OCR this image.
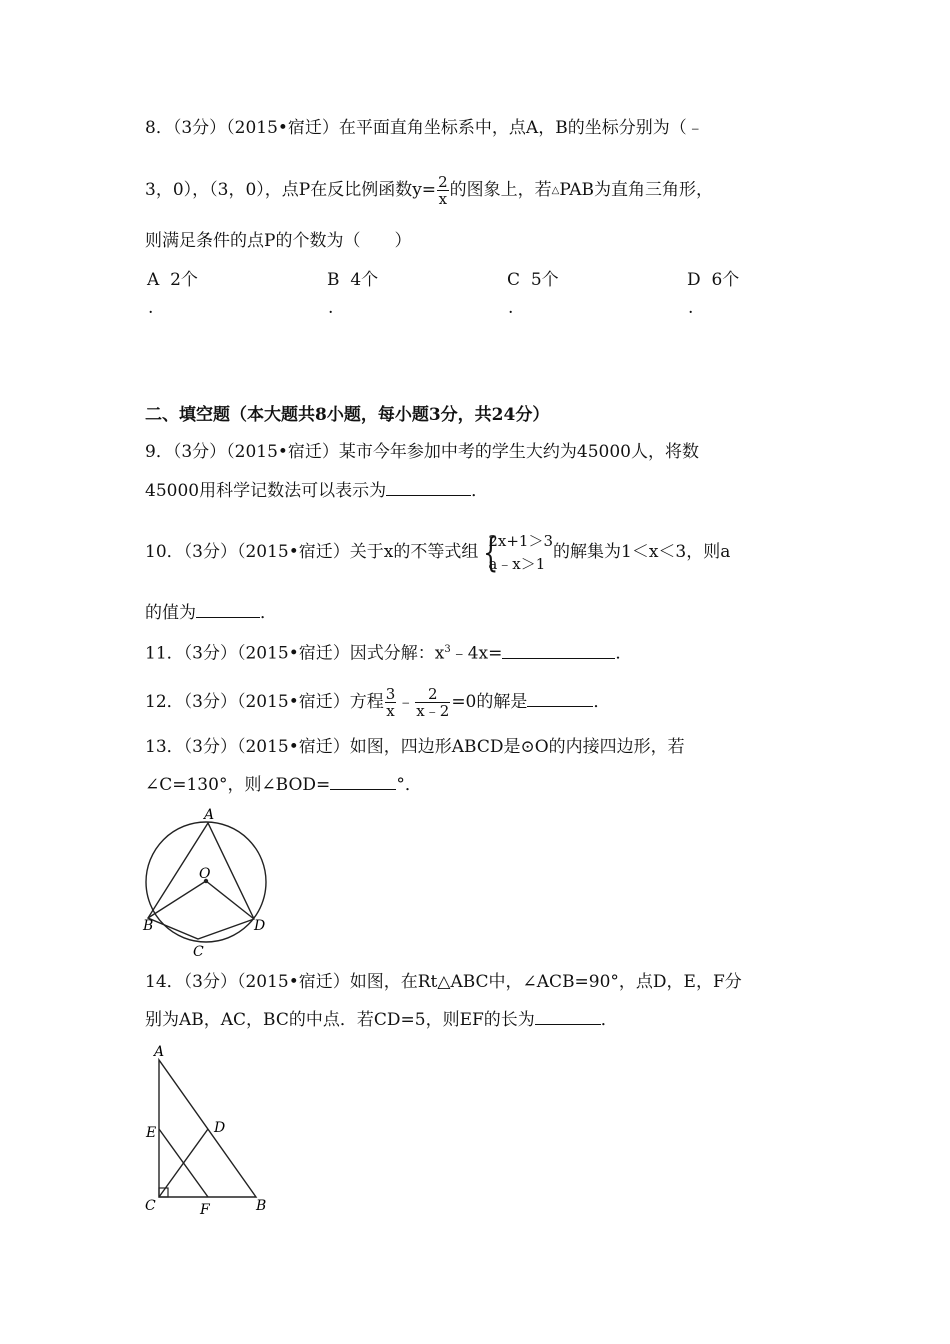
8．（3分）（2015•宿迁）在平面直角坐标系中，点A，B的坐标分别为（﹣
3，0），（3，0），点P在反比例函数$y= \frac{2}{x}$ 的图象上，若△PAB为直角三角形，
则满足条件的点P的个数为（　　）
A 2个	B 4个	C 5个	D 6个
.	.	.	.
二、填空题（本大题共8小题，每小题3分，共24分）
9．（3分）（2015•宿迁）某市今年参加中考的学生大约为45000人，将数
45000用科学记数法可以表示为	．
10．（3分）（2015•宿迁）关于x的不等式组 {
2x+1＞3
a﹣x＞1
的解集为1＜x＜3，则a
的值为	．
11．（3分）（2015•宿迁）因式分解：$x^3﹣4x=$	．
12．（3分）（2015•宿迁）方程 $\frac{3}{x}$ ﹣ $\frac{2}{x﹣2} =0$的解是	．
13．（3分）（2015•宿迁）如图，四边形ABCD是⊙O的内接四边形，若
∠C=130°，则∠BOD=	°．
A
B
C
D
O
14．（3分）（2015•宿迁）如图，在Rt△ABC中，∠ACB=90°，点D，E，F分
别为AB，AC，BC的中点．若CD=5，则EF的长为	．
A
E	D
C	F	B
